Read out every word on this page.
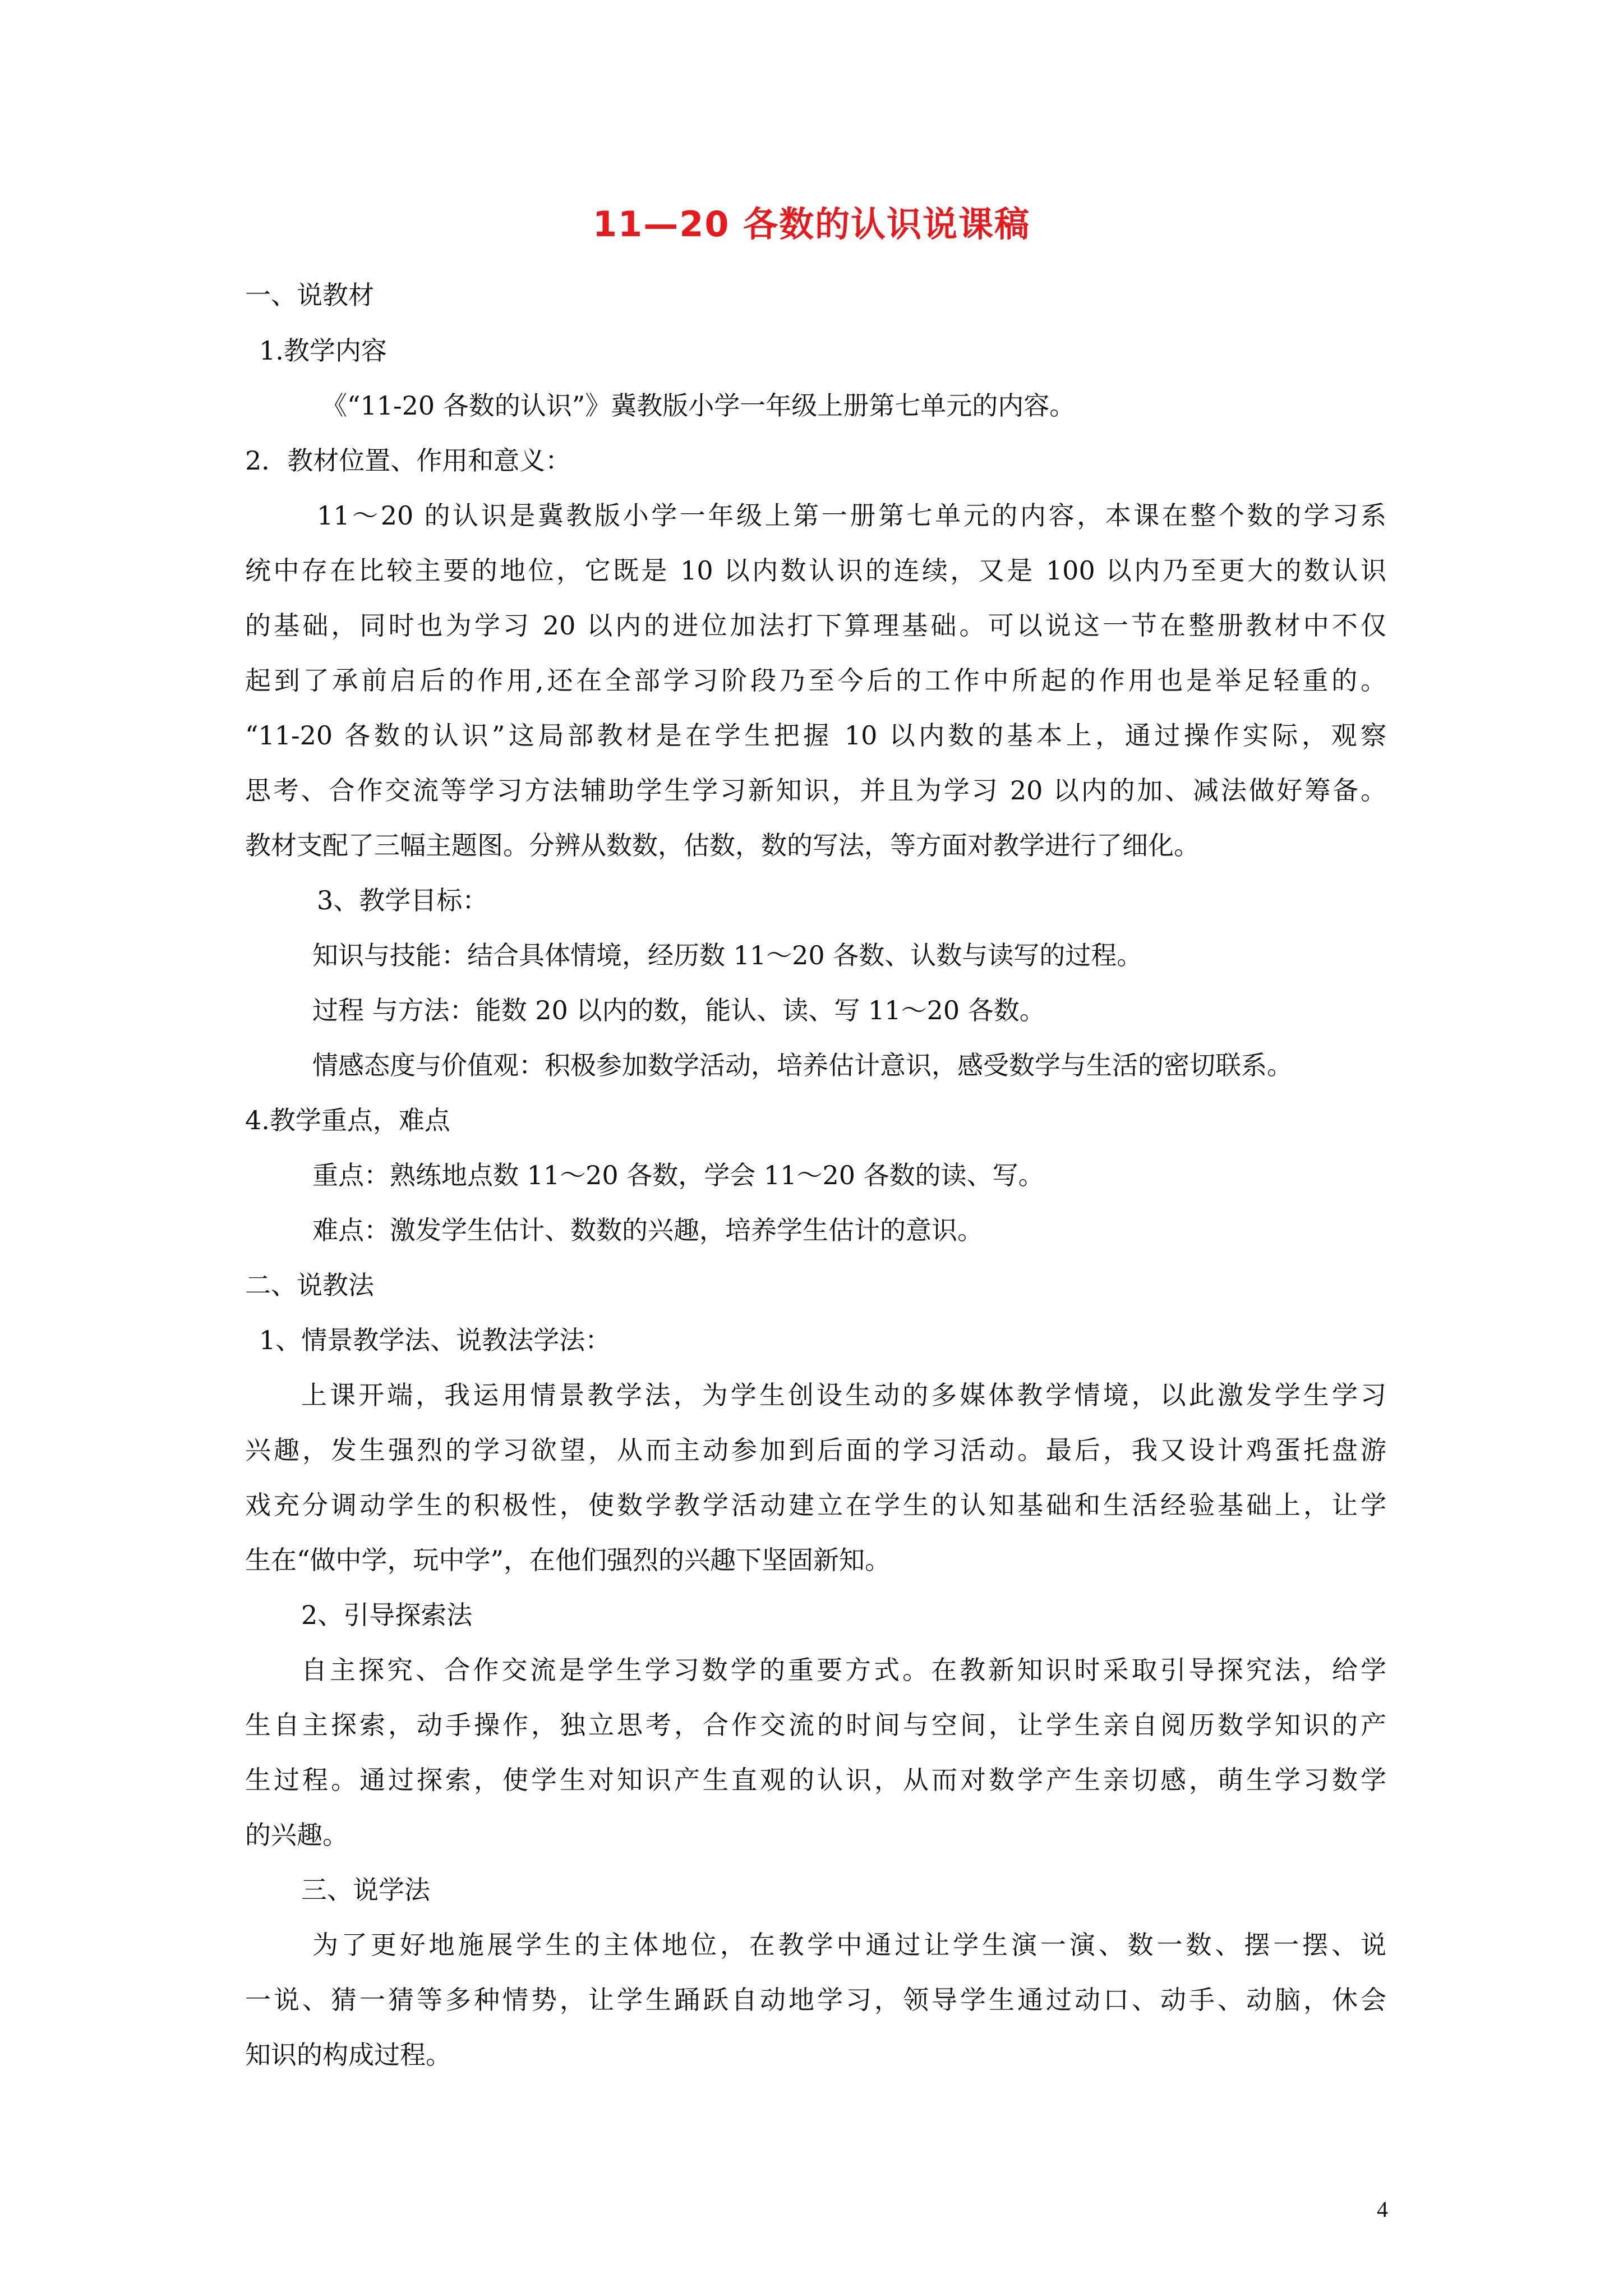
11—20 各数的认识说课稿
一、说教材
1.教学内容
《“11-20 各数的认识”》冀教版小学一年级上册第七单元的内容。
2．教材位置、作用和意义：
11～20 的认识是冀教版小学一年级上第一册第七单元的内容，本课在整个数的学习系
统中存在比较主要的地位，它既是 10 以内数认识的连续，又是 100 以内乃至更大的数认识
的基础，同时也为学习 20 以内的进位加法打下算理基础。可以说这一节在整册教材中不仅
起到了承前启后的作用,还在全部学习阶段乃至今后的工作中所起的作用也是举足轻重的。
“11-20 各数的认识”这局部教材是在学生把握 10 以内数的基本上，通过操作实际，观察
思考、合作交流等学习方法辅助学生学习新知识，并且为学习 20 以内的加、减法做好筹备。
教材支配了三幅主题图。分辨从数数，估数，数的写法，等方面对教学进行了细化。
3、教学目标：
知识与技能：结合具体情境，经历数 11～20 各数、认数与读写的过程。
过程 与方法：能数 20 以内的数，能认、读、写 11～20 各数。
情感态度与价值观：积极参加数学活动，培养估计意识，感受数学与生活的密切联系。
4.教学重点，难点
重点：熟练地点数 11～20 各数，学会 11～20 各数的读、写。
难点：激发学生估计、数数的兴趣，培养学生估计的意识。
二、说教法
1、情景教学法、说教法学法：
上课开端，我运用情景教学法，为学生创设生动的多媒体教学情境，以此激发学生学习
兴趣，发生强烈的学习欲望，从而主动参加到后面的学习活动。最后，我又设计鸡蛋托盘游
戏充分调动学生的积极性，使数学教学活动建立在学生的认知基础和生活经验基础上，让学
生在“做中学，玩中学”，在他们强烈的兴趣下坚固新知。
2、引导探索法
自主探究、合作交流是学生学习数学的重要方式。在教新知识时采取引导探究法，给学
生自主探索，动手操作，独立思考，合作交流的时间与空间，让学生亲自阅历数学知识的产
生过程。通过探索，使学生对知识产生直观的认识，从而对数学产生亲切感，萌生学习数学
的兴趣。
三、说学法
为了更好地施展学生的主体地位，在教学中通过让学生演一演、数一数、摆一摆、说
一说、猜一猜等多种情势，让学生踊跃自动地学习，领导学生通过动口、动手、动脑，休会
知识的构成过程。
4
